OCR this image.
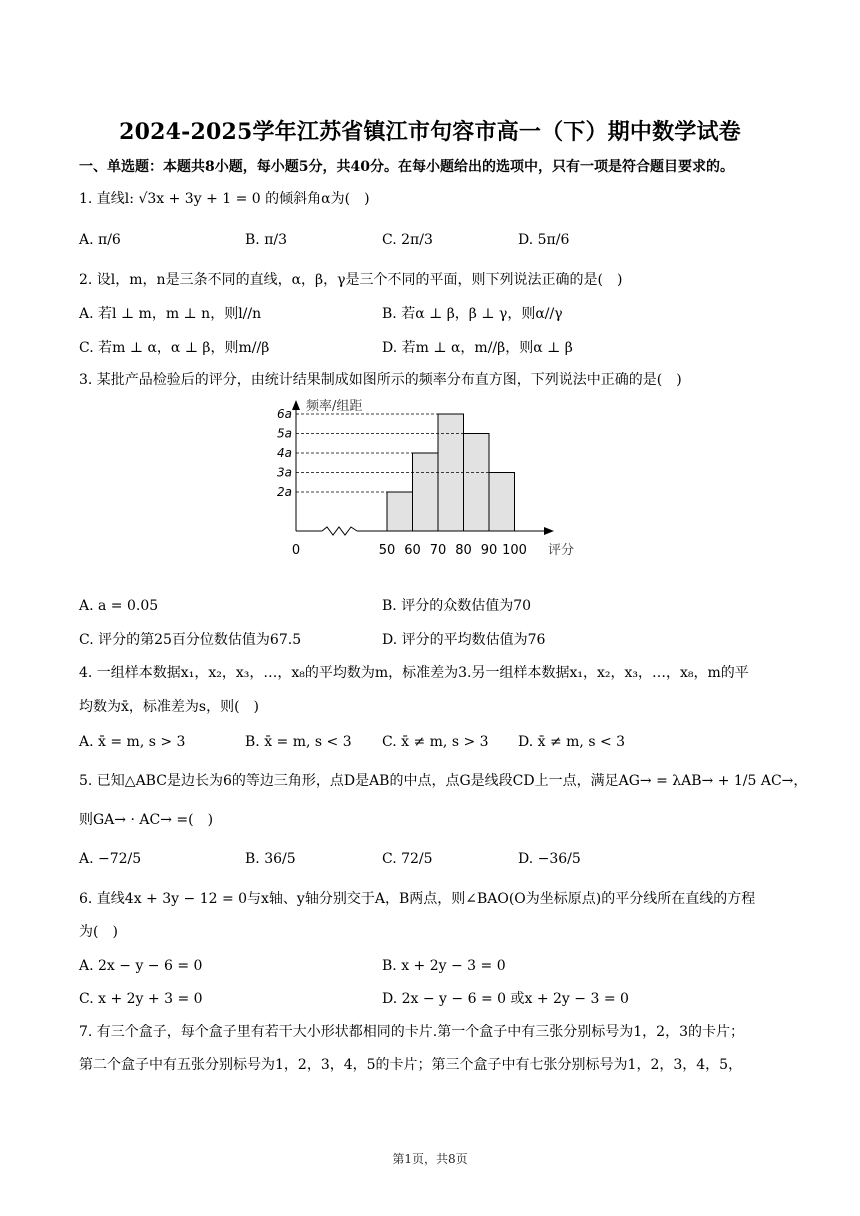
2024-2025学年江苏省镇江市句容市高一（下）期中数学试卷
一、单选题：本题共8小题，每小题5分，共40分。在每小题给出的选项中，只有一项是符合题目要求的。
1. 直线l: √3x + 3y + 1 = 0 的倾斜角α为(　)
A. π/6	B. π/3	C. 2π/3	D. 5π/6
2. 设l，m，n是三条不同的直线，α，β，γ是三个不同的平面，则下列说法正确的是(　)
A. 若l ⊥ m，m ⊥ n，则l//n	B. 若α ⊥ β，β ⊥ γ，则α//γ
C. 若m ⊥ α，α ⊥ β，则m//β	D. 若m ⊥ α，m//β，则α ⊥ β
3. 某批产品检验后的评分，由统计结果制成如图所示的频率分布直方图，下列说法中正确的是(　)
2a
3a
4a
5a
6a
0	50 60 70 80 90 100
频率/组距
评分
A. a = 0.05	B. 评分的众数估值为70
C. 评分的第25百分位数估值为67.5	D. 评分的平均数估值为76
4. 一组样本数据x₁，x₂，x₃，…，x₈的平均数为m，标准差为3.另一组样本数据x₁，x₂，x₃，…，x₈，m的平
均数为x̄，标准差为s，则(　)
A. x̄ = m, s > 3	B. x̄ = m, s < 3 C. x̄ ≠ m, s > 3 D. x̄ ≠ m, s < 3
5. 已知△ABC是边长为6的等边三角形，点D是AB的中点，点G是线段CD上一点，满足AG→ = λAB→ + 1/5 AC→，
则GA→ · AC→ =(　)
A. −72/5	B. 36/5	C. 72/5	D. −36/5
6. 直线4x + 3y − 12 = 0与x轴、y轴分别交于A，B两点，则∠BAO(O为坐标原点)的平分线所在直线的方程
为(　)
A. 2x − y − 6 = 0	B. x + 2y − 3 = 0
C. x + 2y + 3 = 0	D. 2x − y − 6 = 0 或x + 2y − 3 = 0
7. 有三个盒子，每个盒子里有若干大小形状都相同的卡片.第一个盒子中有三张分别标号为1，2，3的卡片；
第二个盒子中有五张分别标号为1，2，3，4，5的卡片；第三个盒子中有七张分别标号为1，2，3，4，5，
第1页，共8页
